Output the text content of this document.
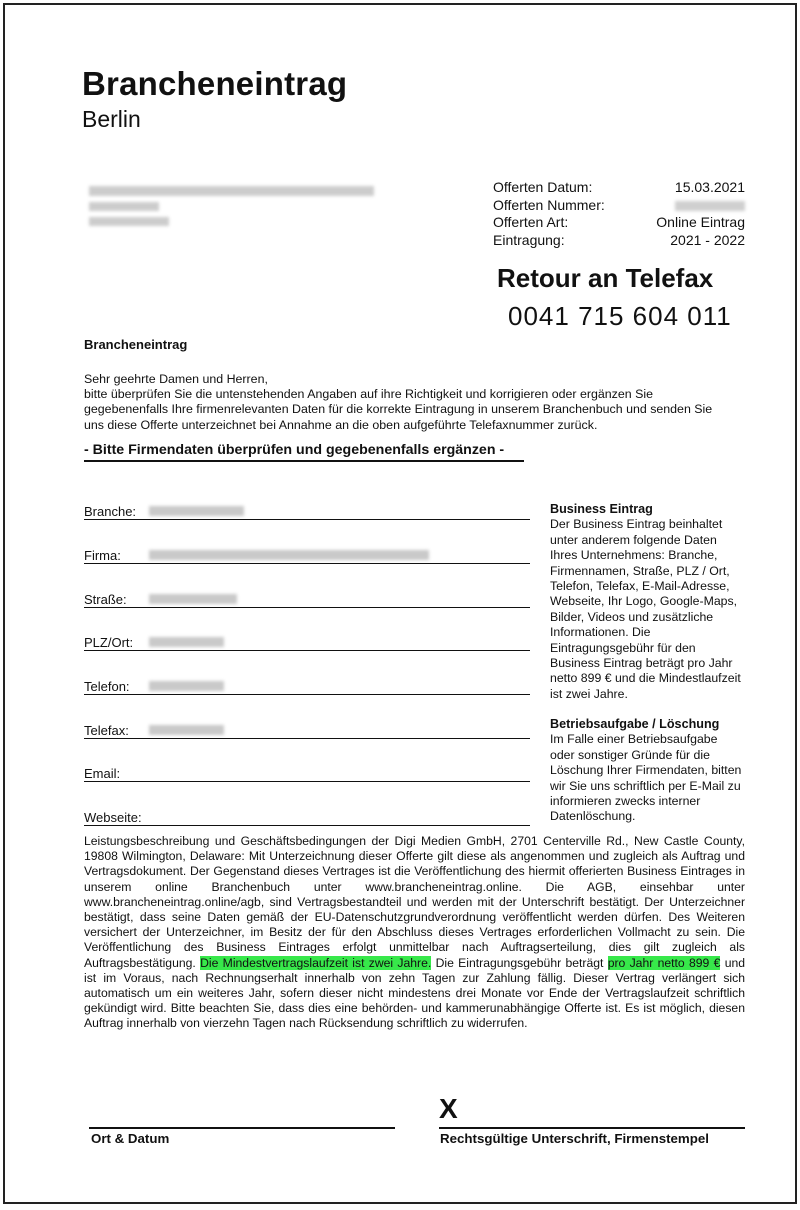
Brancheneintrag
Berlin
Offerten Datum:	15.03.2021
Offerten Nummer:
Offerten Art:	Online Eintrag
Eintragung:	2021 - 2022
Retour an Telefax
0041 715 604 011
Brancheneintrag
Sehr geehrte Damen und Herren,
bitte überprüfen Sie die untenstehenden Angaben auf ihre Richtigkeit und korrigieren oder ergänzen Sie gegebenenfalls Ihre firmenrelevanten Daten für die korrekte Eintragung in unserem Branchenbuch und senden Sie uns diese Offerte unterzeichnet bei Annahme an die oben aufgeführte Telefaxnummer zurück.
- Bitte Firmendaten überprüfen und gegebenenfalls ergänzen -
Branche:
Firma:
Straße:
PLZ/Ort:
Telefon:
Telefax:
Email:
Webseite:
Business Eintrag
Der Business Eintrag beinhaltet unter anderem folgende Daten Ihres Unternehmens: Branche, Firmennamen, Straße, PLZ / Ort, Telefon, Telefax, E-Mail-Adresse, Webseite, Ihr Logo, Google-Maps, Bilder, Videos und zusätzliche Informationen. Die Eintragungsgebühr für den Business Eintrag beträgt pro Jahr netto 899 € und die Mindestlaufzeit ist zwei Jahre.
Betriebsaufgabe / Löschung
Im Falle einer Betriebsaufgabe oder sonstiger Gründe für die Löschung Ihrer Firmendaten, bitten wir Sie uns schriftlich per E-Mail zu informieren zwecks interner Datenlöschung.
Leistungsbeschreibung und Geschäftsbedingungen der Digi Medien GmbH, 2701 Centerville Rd., New Castle County, 19808 Wilmington, Delaware: Mit Unterzeichnung dieser Offerte gilt diese als angenommen und zugleich als Auftrag und Vertragsdokument. Der Gegenstand dieses Vertrages ist die Veröffentlichung des hiermit offerierten Business Eintrages in unserem online Branchenbuch unter www.brancheneintrag.online. Die AGB, einsehbar unter www.brancheneintrag.online/agb, sind Vertragsbestandteil und werden mit der Unterschrift bestätigt. Der Unterzeichner bestätigt, dass seine Daten gemäß der EU-Datenschutzgrundverordnung veröffentlicht werden dürfen. Des Weiteren versichert der Unterzeichner, im Besitz der für den Abschluss dieses Vertrages erforderlichen Vollmacht zu sein. Die Veröffentlichung des Business Eintrages erfolgt unmittelbar nach Auftragserteilung, dies gilt zugleich als Auftragsbestätigung. Die Mindestvertragslaufzeit ist zwei Jahre. Die Eintragungsgebühr beträgt pro Jahr netto 899 € und ist im Voraus, nach Rechnungserhalt innerhalb von zehn Tagen zur Zahlung fällig. Dieser Vertrag verlängert sich automatisch um ein weiteres Jahr, sofern dieser nicht mindestens drei Monate vor Ende der Vertragslaufzeit schriftlich gekündigt wird. Bitte beachten Sie, dass dies eine behörden- und kammerunabhängige Offerte ist. Es ist möglich, diesen Auftrag innerhalb von vierzehn Tagen nach Rücksendung schriftlich zu widerrufen.
Ort & Datum
X
Rechtsgültige Unterschrift, Firmenstempel
